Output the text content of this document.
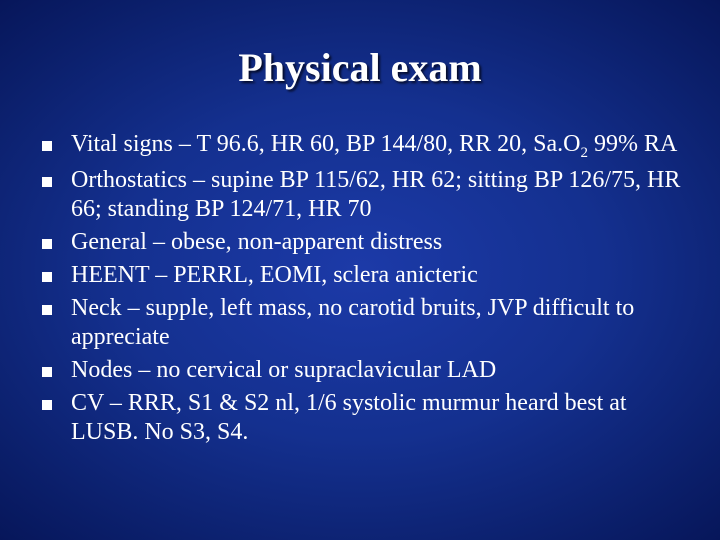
Physical exam
Vital signs – T 96.6, HR 60, BP 144/80, RR 20, $Sa.O_2$ 99% RA
Orthostatics – supine BP 115/62, HR 62; sitting BP 126/75, HR 66; standing BP 124/71, HR 70
General – obese, non-apparent distress
HEENT – PERRL, EOMI, sclera anicteric
Neck – supple, left mass, no carotid bruits, JVP difficult to appreciate
Nodes – no cervical or supraclavicular LAD
CV – RRR, S1 & S2 nl, 1/6 systolic murmur heard best at LUSB. No S3, S4.
